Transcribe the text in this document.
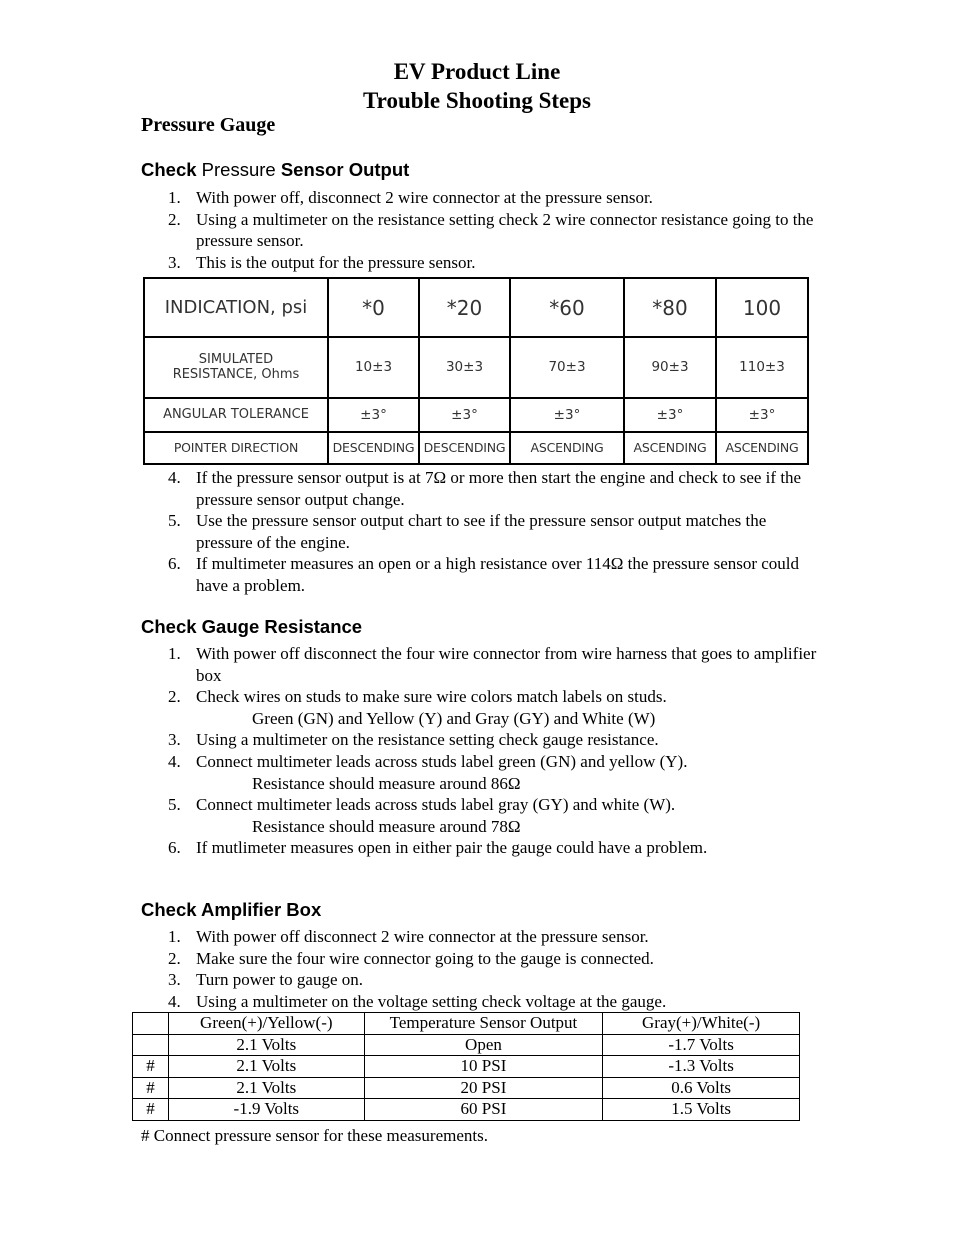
EV Product Line
Trouble Shooting Steps
Pressure Gauge
Check Pressure Sensor Output
1. With power off, disconnect 2 wire connector at the pressure sensor.
2. Using a multimeter on the resistance setting check 2 wire connector resistance going to the pressure sensor.
3. This is the output for the pressure sensor.
INDICATION, psi	*0	*20	*60	*80	100
SIMULATED
RESISTANCE, Ohms	10±3	30±3	70±3	90±3	110±3
ANGULAR TOLERANCE	±3°	±3°	±3°	±3°	±3°
POINTER DIRECTION	DESCENDING	DESCENDING	ASCENDING	ASCENDING	ASCENDING
4. If the pressure sensor output is at 7Ω or more then start the engine and check to see if the pressure sensor output change.
5. Use the pressure sensor output chart to see if the pressure sensor output matches the pressure of the engine.
6. If multimeter measures an open or a high resistance over 114Ω the pressure sensor could have a problem.
Check Gauge Resistance
1. With power off disconnect the four wire connector from wire harness that goes to amplifier box
2. Check wires on studs to make sure wire colors match labels on studs.
Green (GN) and Yellow (Y) and Gray (GY) and White (W)
3. Using a multimeter on the resistance setting check gauge resistance.
4. Connect multimeter leads across studs label green (GN) and yellow (Y).
Resistance should measure around 86Ω
5. Connect multimeter leads across studs label gray (GY) and white (W).
Resistance should measure around 78Ω
6. If mutlimeter measures open in either pair the gauge could have a problem.
Check Amplifier Box
1. With power off disconnect 2 wire connector at the pressure sensor.
2. Make sure the four wire connector going to the gauge is connected.
3. Turn power to gauge on.
4. Using a multimeter on the voltage setting check voltage at the gauge.
	Green(+)/Yellow(-)	Temperature Sensor Output	Gray(+)/White(-)
	2.1 Volts	Open	-1.7 Volts
#	2.1 Volts	10 PSI	-1.3 Volts
#	2.1 Volts	20 PSI	0.6 Volts
#	-1.9 Volts	60 PSI	1.5 Volts
# Connect pressure sensor for these measurements.
